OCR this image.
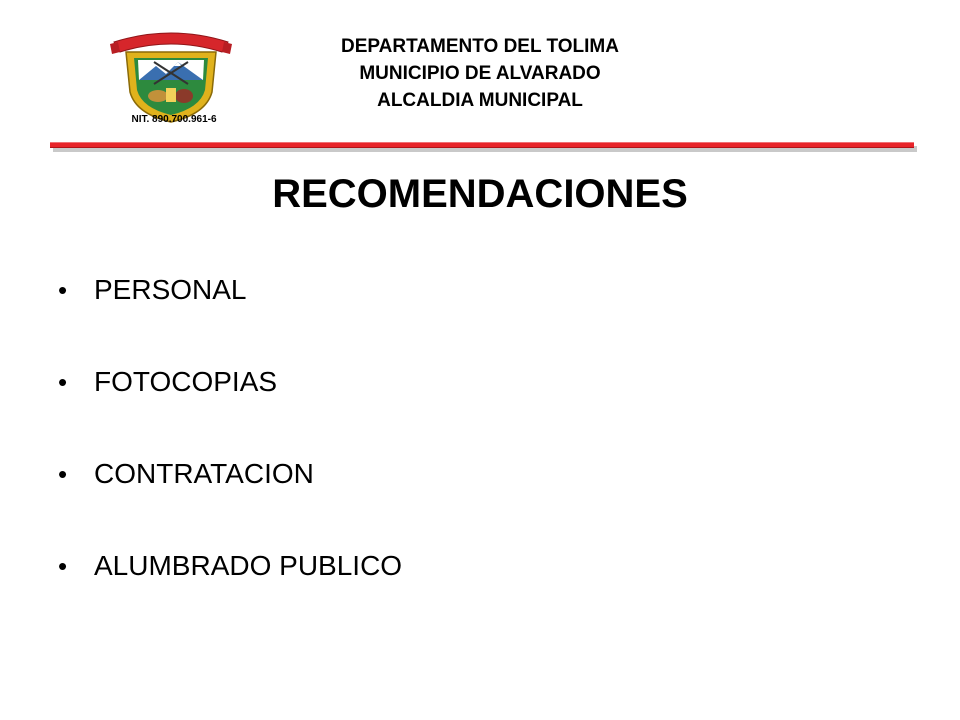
NIT. 890.700.961-6
DEPARTAMENTO DEL TOLIMA
MUNICIPIO DE ALVARADO
ALCALDIA MUNICIPAL
RECOMENDACIONES
• PERSONAL
• FOTOCOPIAS
• CONTRATACION
• ALUMBRADO PUBLICO
